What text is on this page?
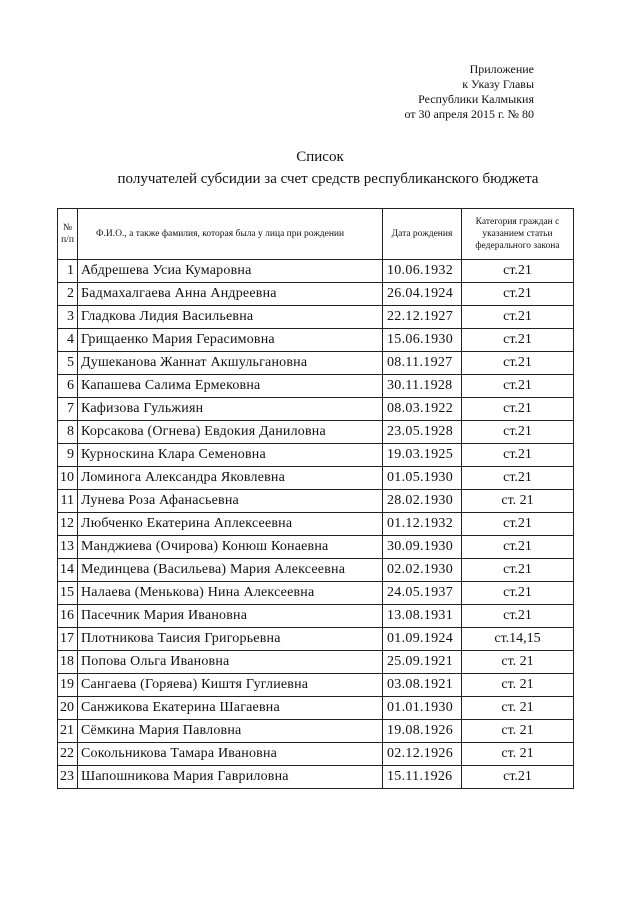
Приложение
к Указу Главы
Республики Калмыкия
от 30 апреля 2015 г. № 80
Список
получателей субсидии за счет средств республиканского бюджета
№ п/п	Ф.И.О., а также фамилия, которая была у лица при рождении	Дата рождения	Категория граждан с указанием статьи федерального закона
1	Абдрешева Усиа Кумаровна	10.06.1932	ст.21
2	Бадмахалгаева Анна Андреевна	26.04.1924	ст.21
3	Гладкова Лидия Васильевна	22.12.1927	ст.21
4	Грищаенко Мария Герасимовна	15.06.1930	ст.21
5	Душеканова Жаннат Акшульгановна	08.11.1927	ст.21
6	Капашева Салима Ермековна	30.11.1928	ст.21
7	Кафизова Гульжиян	08.03.1922	ст.21
8	Корсакова (Огнева) Евдокия Даниловна	23.05.1928	ст.21
9	Курноскина Клара Семеновна	19.03.1925	ст.21
10	Ломинога Александра Яковлевна	01.05.1930	ст.21
11	Лунева Роза Афанасьевна	28.02.1930	ст. 21
12	Любченко Екатерина Аплексеевна	01.12.1932	ст.21
13	Манджиева (Очирова) Конюш Конаевна	30.09.1930	ст.21
14	Мединцева (Васильева) Мария Алексеевна	02.02.1930	ст.21
15	Налаева (Менькова) Нина Алексеевна	24.05.1937	ст.21
16	Пасечник Мария Ивановна	13.08.1931	ст.21
17	Плотникова Таисия Григорьевна	01.09.1924	ст.14,15
18	Попова Ольга Ивановна	25.09.1921	ст. 21
19	Сангаева (Горяева) Киштя Гуглиевна	03.08.1921	ст. 21
20	Санжикова Екатерина Шагаевна	01.01.1930	ст. 21
21	Сёмкина Мария Павловна	19.08.1926	ст. 21
22	Сокольникова Тамара Ивановна	02.12.1926	ст. 21
23	Шапошникова Мария Гавриловна	15.11.1926	ст.21
